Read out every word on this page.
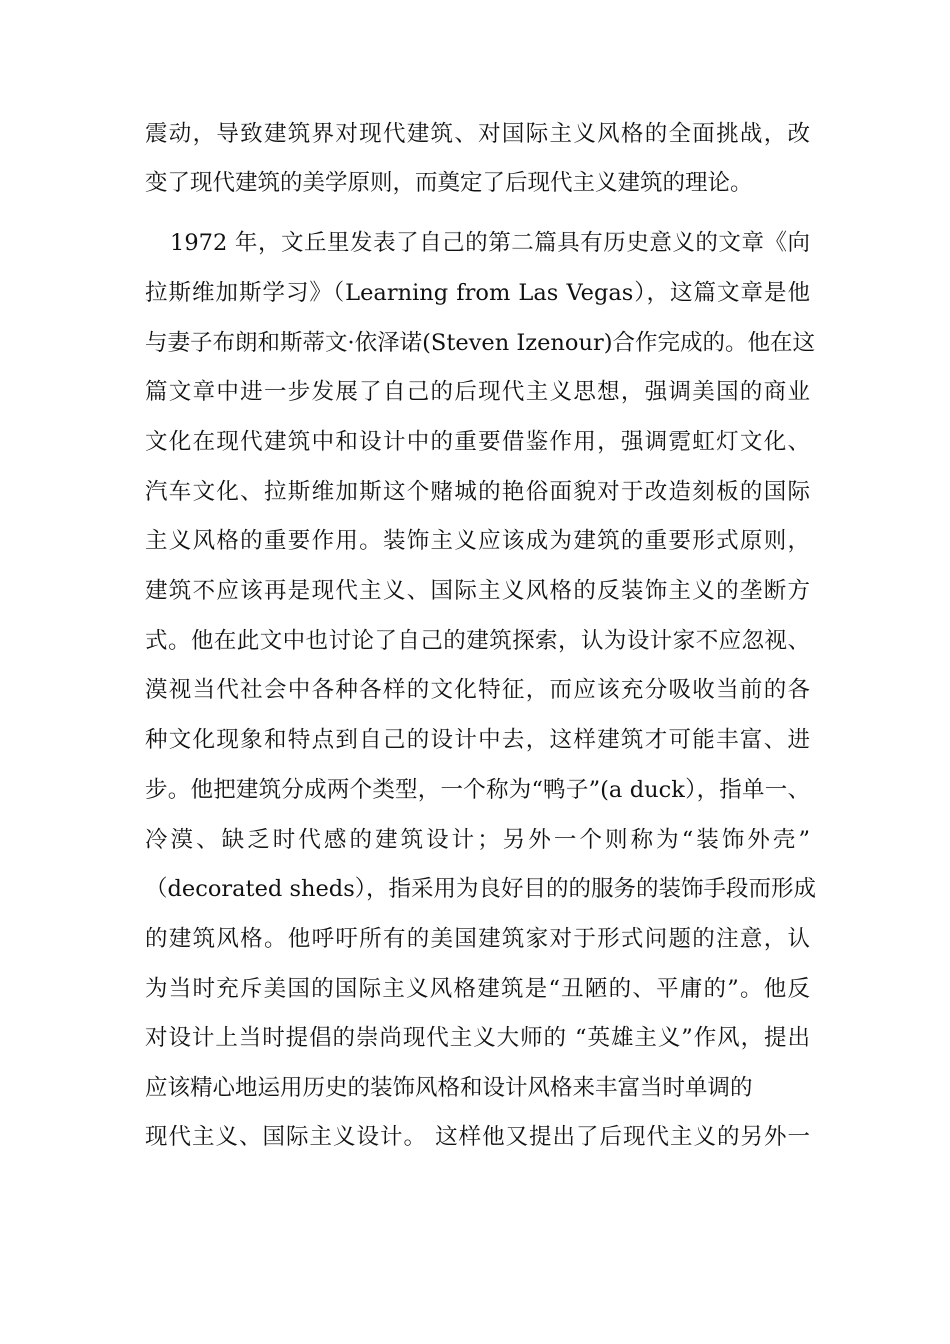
震动，导致建筑界对现代建筑、对国际主义风格的全面挑战，改

变了现代建筑的美学原则，而奠定了后现代主义建筑的理论。

1972 年，文丘里发表了自己的第二篇具有历史意义的文章《向

拉斯维加斯学习》（Learning from Las Vegas），这篇文章是他

与妻子布朗和斯蒂文·依泽诺(Steven Izenour)合作完成的。他在这

篇文章中进一步发展了自己的后现代主义思想，强调美国的商业

文化在现代建筑中和设计中的重要借鉴作用，强调霓虹灯文化、

汽车文化、拉斯维加斯这个赌城的艳俗面貌对于改造刻板的国际

主义风格的重要作用。装饰主义应该成为建筑的重要形式原则，

建筑不应该再是现代主义、国际主义风格的反装饰主义的垄断方

式。他在此文中也讨论了自己的建筑探索，认为设计家不应忽视、

漠视当代社会中各种各样的文化特征，而应该充分吸收当前的各

种文化现象和特点到自己的设计中去，这样建筑才可能丰富、进

步。他把建筑分成两个类型，一个称为“鸭子”(a duck），指单一、

冷漠、缺乏时代感的建筑设计；另外一个则称为“装饰外壳”

（decorated sheds），指采用为良好目的的服务的装饰手段而形成

的建筑风格。他呼吁所有的美国建筑家对于形式问题的注意，认

为当时充斥美国的国际主义风格建筑是“丑陋的、平庸的”。他反

对设计上当时提倡的崇尚现代主义大师的 “英雄主义”作风，提出

应该精心地运用历史的装饰风格和设计风格来丰富当时单调的

现代主义、国际主义设计。 这样他又提出了后现代主义的另外一
